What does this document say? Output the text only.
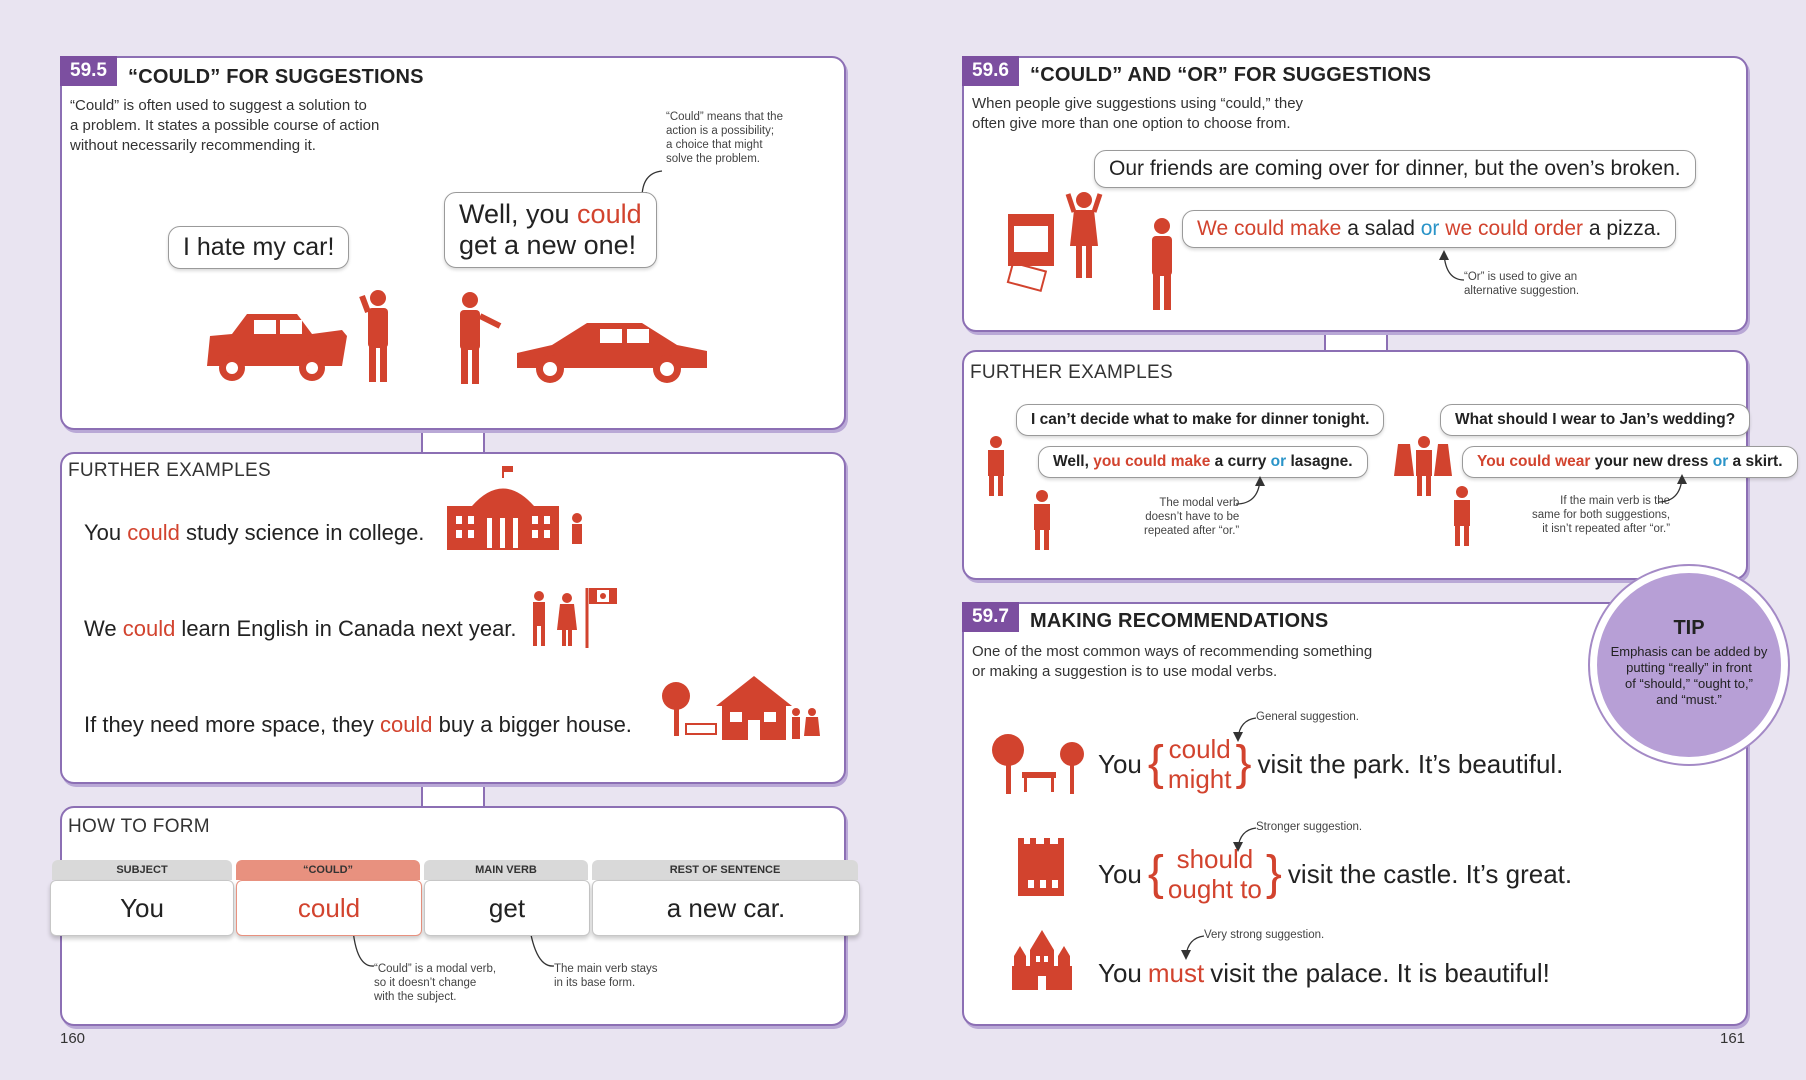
59.5	“COULD” FOR SUGGESTIONS
“Could” is often used to suggest a solution to
a problem. It states a possible course of action
without necessarily recommending it.
“Could” means that the
action is a possibility;
a choice that might
solve the problem.
I hate my car!
Well, you could
get a new one!
FURTHER EXAMPLES
You could study science in college.
We could learn English in Canada next year.
If they need more space, they could buy a bigger house.
HOW TO FORM
“Could” is a modal verb,
so it doesn’t change
with the subject.
The main verb stays
in its base form.
SUBJECT	“COULD”	MAIN VERB	REST OF SENTENCE
You	could	get	a new car.
160
59.6	“COULD” AND “OR” FOR SUGGESTIONS
When people give suggestions using “could,” they
often give more than one option to choose from.
Our friends are coming over for dinner, but the oven’s broken.
We could make a salad or we could order a pizza.
“Or” is used to give an
alternative suggestion.
FURTHER EXAMPLES
I can’t decide what to make for dinner tonight.
Well, you could make a curry or lasagne.
The modal verb
doesn’t have to be
repeated after “or.”
What should I wear to Jan’s wedding?
You could wear your new dress or a skirt.
If the main verb is the
same for both suggestions,
it isn’t repeated after “or.”
59.7	MAKING RECOMMENDATIONS
One of the most common ways of recommending something
or making a suggestion is to use modal verbs.
General suggestion.
Stronger suggestion.
Very strong suggestion.
You { could
might } visit the park. It’s beautiful.
You { should
ought to } visit the castle. It’s great.
You must visit the palace. It is beautiful!
TIP
Emphasis can be added by
putting “really” in front
of “should,” “ought to,”
and “must.”
161
